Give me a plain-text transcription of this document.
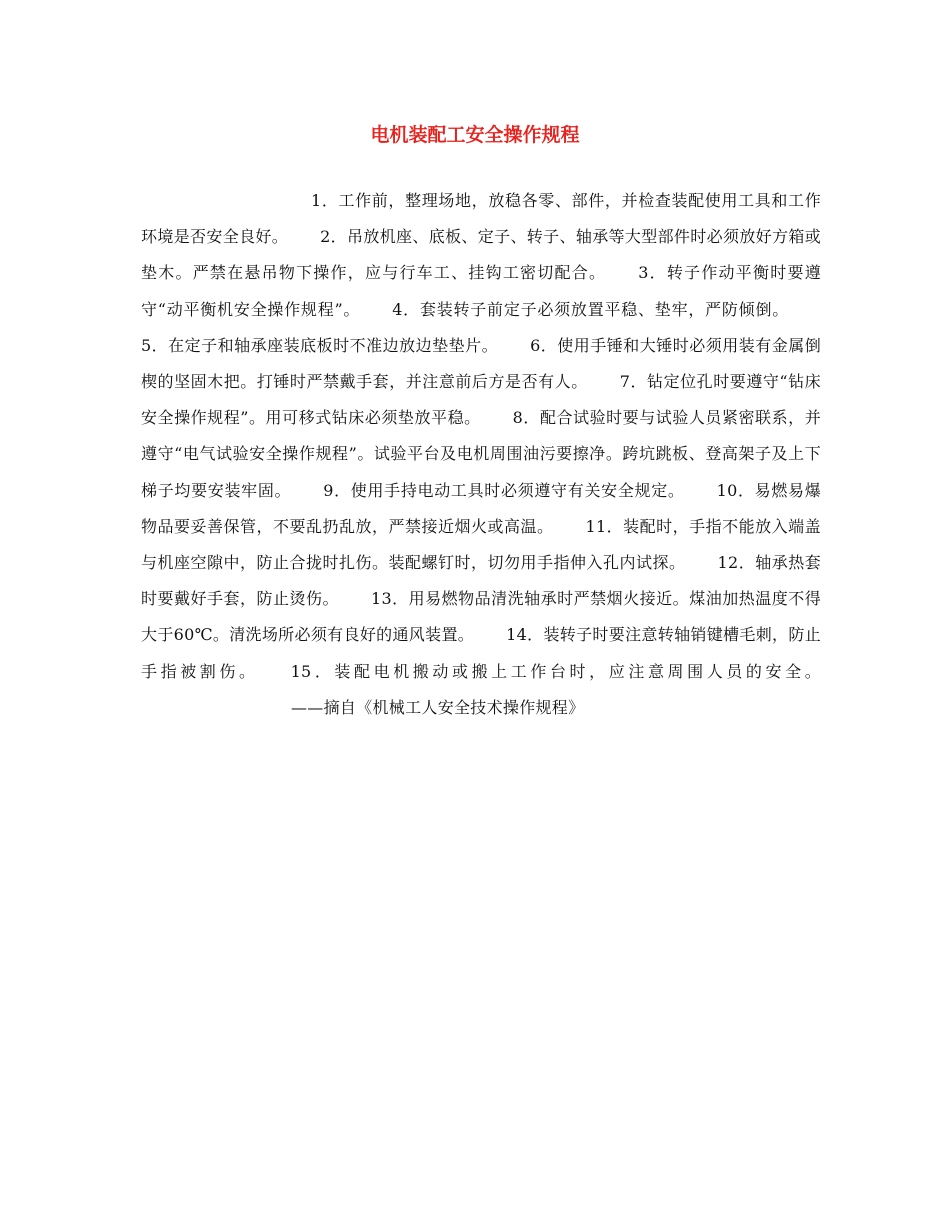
电机装配工安全操作规程

1．工作前，整理场地，放稳各零、部件，并检查装配使用工具和工作环境是否安全良好。 2．吊放机座、底板、定子、转子、轴承等大型部件时必须放好方箱或垫木。严禁在悬吊物下操作，应与行车工、挂钩工密切配合。 3．转子作动平衡时要遵守“动平衡机安全操作规程”。 4．套装转子前定子必须放置平稳、垫牢，严防倾倒。5．在定子和轴承座装底板时不准边放边垫垫片。 6．使用手锤和大锤时必须用装有金属倒楔的坚固木把。打锤时严禁戴手套，并注意前后方是否有人。 7．钻定位孔时要遵守“钻床安全操作规程”。用可移式钻床必须垫放平稳。 8．配合试验时要与试验人员紧密联系，并遵守“电气试验安全操作规程”。试验平台及电机周围油污要擦净。跨坑跳板、登高架子及上下梯子均要安装牢固。 9．使用手持电动工具时必须遵守有关安全规定。 10．易燃易爆物品要妥善保管，不要乱扔乱放，严禁接近烟火或高温。 11．装配时，手指不能放入端盖与机座空隙中，防止合拢时扎伤。装配螺钉时，切勿用手指伸入孔内试探。 12．轴承热套时要戴好手套，防止烫伤。 13．用易燃物品清洗轴承时严禁烟火接近。煤油加热温度不得大于60℃。清洗场所必须有良好的通风装置。 14．装转子时要注意转轴销键槽毛刺，防止手指被割伤。 15．装配电机搬动或搬上工作台时，应注意周围人员的安全。——摘自《机械工人安全技术操作规程》
